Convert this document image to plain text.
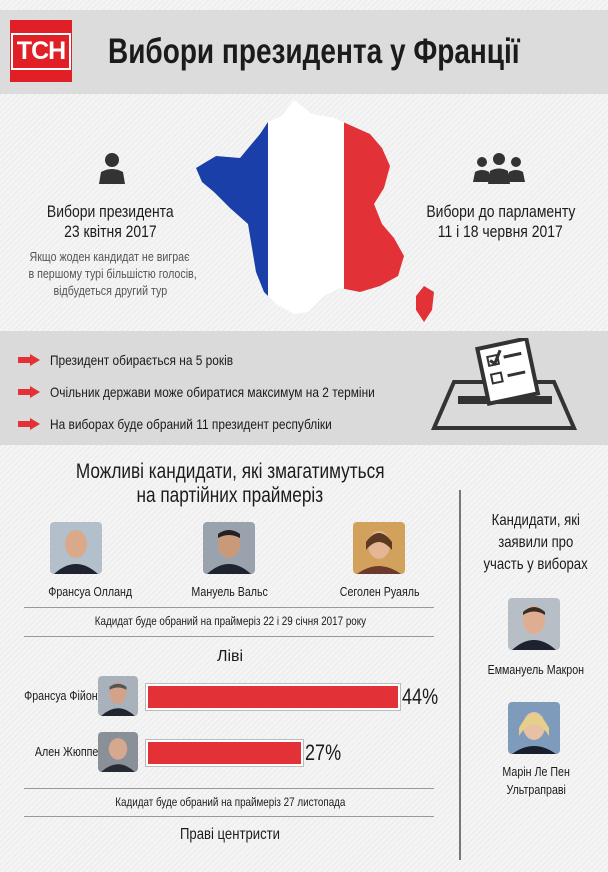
ТСН Вибори президента у Франції
Вибори президента
23 квітня 2017
Якщо жоден кандидат не виграє
в першому турі більшістю голосів,
відбудеться другий тур
Вибори до парламенту
11 і 18 червня 2017
Президент обирається на 5 років
Очільник держави може обиратися максимум на 2 терміни
На виборах буде обраний 11 президент республіки
Можливі кандидати, які змагатимуться
на партійних праймеріз
Франсуа Олланд	Мануель Вальс	Сеголен Руаяль
Кадидат буде обраний на праймеріз 22 і 29 січня 2017 року
Ліві
Франсуа Фійон	44%
Ален Жюппе	27%
Кадидат буде обраний на праймеріз 27 листопада
Праві центристи
Кандидати, які
заявили про
участь у виборах
Еммануель Макрон
Марін Ле Пен
Ультраправі
